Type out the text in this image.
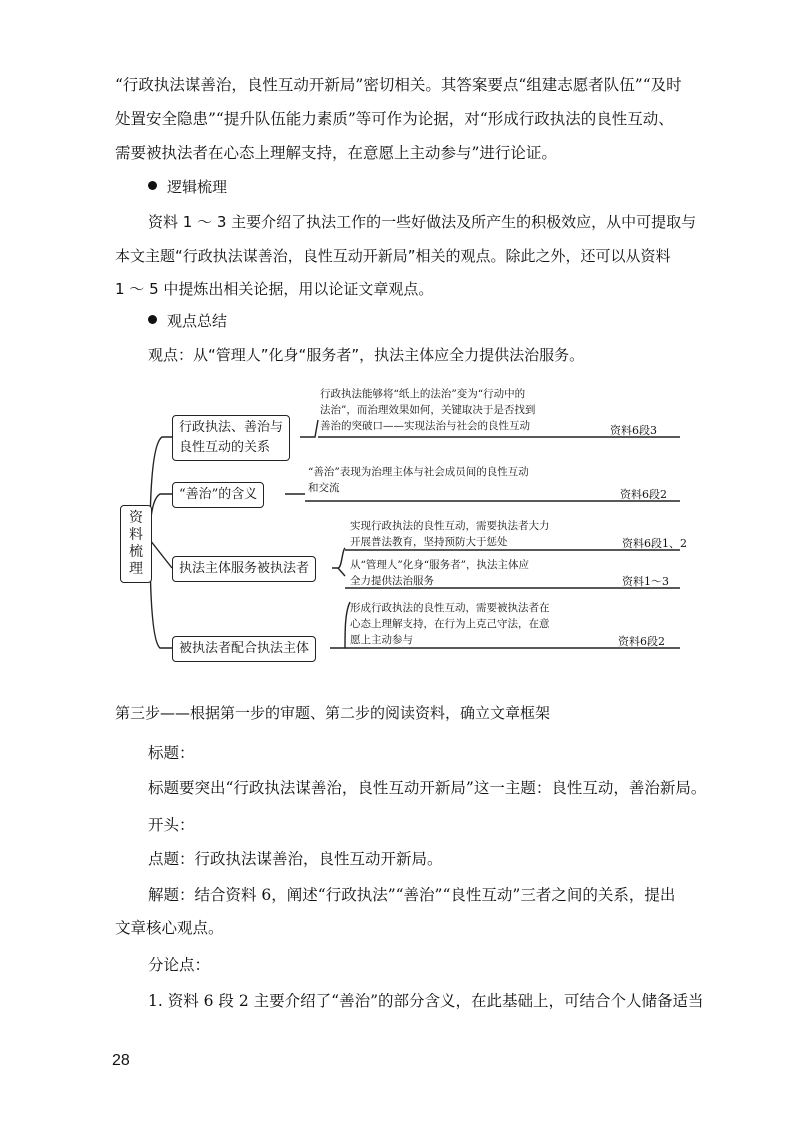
“行政执法谋善治，良性互动开新局”密切相关。其答案要点“组建志愿者队伍”“及时
处置安全隐患”“提升队伍能力素质”等可作为论据，对“形成行政执法的良性互动、
需要被执法者在心态上理解支持，在意愿上主动参与”进行论证。
逻辑梳理
资料 1 ～ 3 主要介绍了执法工作的一些好做法及所产生的积极效应，从中可提取与
本文主题“行政执法谋善治，良性互动开新局”相关的观点。除此之外，还可以从资料
1 ～ 5 中提炼出相关论据，用以论证文章观点。
观点总结
观点：从“管理人”化身“服务者”，执法主体应全力提供法治服务。
资
料
梳
理
行政执法、善治与
良性互动的关系
行政执法能够将“纸上的法治”变为“行动中的
法治”，而治理效果如何，关键取决于是否找到
善治的突破口——实现法治与社会的良性互动	资料6段3
“善治”的含义
“善治”表现为治理主体与社会成员间的良性互动
和交流	资料6段2
执法主体服务被执法者
实现行政执法的良性互动，需要执法者大力
开展普法教育，坚持预防大于惩处	资料6段1、2
从“管理人”化身“服务者”，执法主体应
全力提供法治服务	资料1～3
被执法者配合执法主体
形成行政执法的良性互动，需要被执法者在
心态上理解支持，在行为上克己守法，在意
愿上主动参与	资料6段2
第三步——根据第一步的审题、第二步的阅读资料，确立文章框架
标题：
标题要突出“行政执法谋善治，良性互动开新局”这一主题：良性互动，善治新局。
开头：
点题：行政执法谋善治，良性互动开新局。
解题：结合资料 6，阐述“行政执法”“善治”“良性互动”三者之间的关系，提出
文章核心观点。
分论点：
1. 资料 6 段 2 主要介绍了“善治”的部分含义，在此基础上，可结合个人储备适当
28
